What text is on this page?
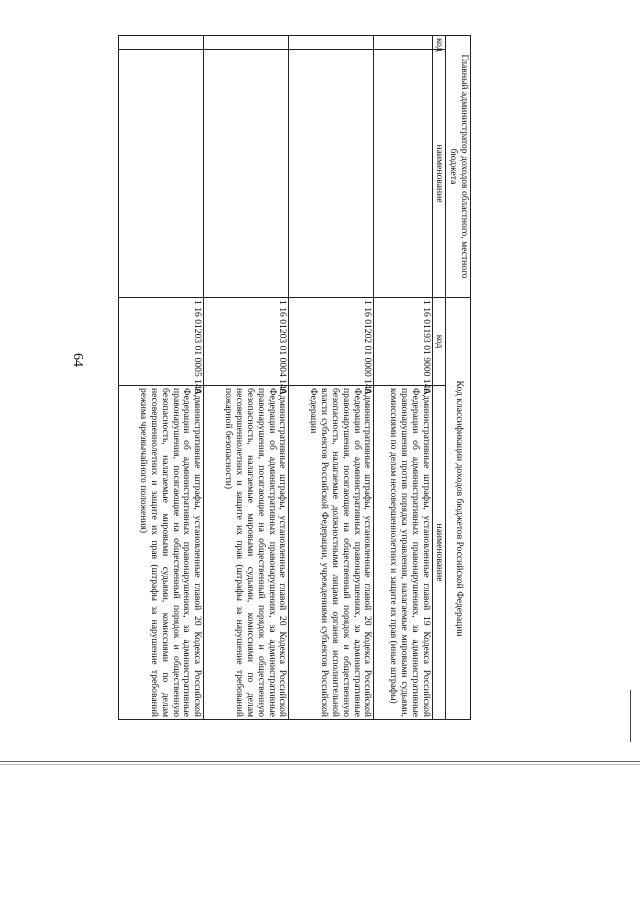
64
Главный администратор доходов областного, местного бюджета		Код классификации доходов бюджетов Российской Федерации	
код	наименование	код	наименование
		1 16 01193 01 9000 140	Административные штрафы, установленные главой 19 Кодекса Российской Федерации об административных правонарушениях, за административные правонарушения против порядка управления, налагаемые мировыми судьями, комиссиями по делам несовершеннолетних и защите их прав (иные штрафы)
		1 16 01202 01 0000 140	Административные штрафы, установленные главой 20 Кодекса Российской Федерации об административных правонарушениях, за административные правонарушения, посягающие на общественный порядок и общественную безопасность, налагаемые должностными лицами органов исполнительной власти субъектов Российской Федерации, учреждениями субъектов Российской Федерации
		1 16 01203 01 0004 140	Административные штрафы, установленные главой 20 Кодекса Российской Федерации об административных правонарушениях, за административные правонарушения, посягающие на общественный порядок и общественную безопасность, налагаемые мировыми судьями, комиссиями по делам несовершеннолетних и защите их прав (штрафы за нарушение требований пожарной безопасности)
		1 16 01203 01 0005 140	Административные штрафы, установленные главой 20 Кодекса Российской Федерации об административных правонарушениях, за административные правонарушения, посягающие на общественный порядок и общественную безопасность, налагаемые мировыми судьями, комиссиями по делам несовершеннолетних и защите их прав (штрафы за нарушение требований режима чрезвычайного положения)
